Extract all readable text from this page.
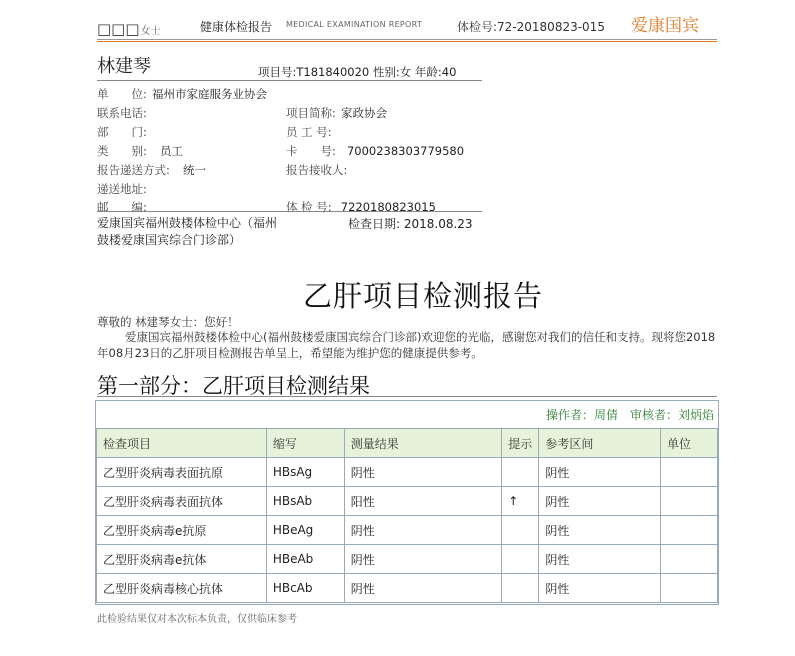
□□□女士	健康体检报告 MEDICAL EXAMINATION REPORT	体检号:72-20180823-015 爱康国宾
林建琴	项目号:T181840020 性别:女 年龄:40
单　　位: 福州市家庭服务业协会
联系电话:
部　　门:
类　　别: 员工
报告递送方式: 统一
递送地址:
邮　　编:
项目简称: 家政协会
员 工 号:
卡　　号: 7000238303779580
报告接收人:
体 检 号: 7220180823015
爱康国宾福州鼓楼体检中心（福州鼓楼爱康国宾综合门诊部）
检查日期: 2018.08.23
乙肝项目检测报告
尊敬的 林建琴女士：您好！
爱康国宾福州鼓楼体检中心(福州鼓楼爱康国宾综合门诊部)欢迎您的光临，感谢您对我们的信任和支持。现将您2018年08月23日的乙肝项目检测报告单呈上，希望能为维护您的健康提供参考。
第一部分：乙肝项目检测结果
操作者：周倩　审核者：刘炳焰
检查项目	缩写	测量结果	提示	参考区间	单位
乙型肝炎病毒表面抗原	HBsAg	阴性		阴性	
乙型肝炎病毒表面抗体	HBsAb	阳性	↑	阴性	
乙型肝炎病毒e抗原	HBeAg	阴性		阴性	
乙型肝炎病毒e抗体	HBeAb	阴性		阴性	
乙型肝炎病毒核心抗体	HBcAb	阴性		阴性	
此检验结果仅对本次标本负责，仅供临床参考
